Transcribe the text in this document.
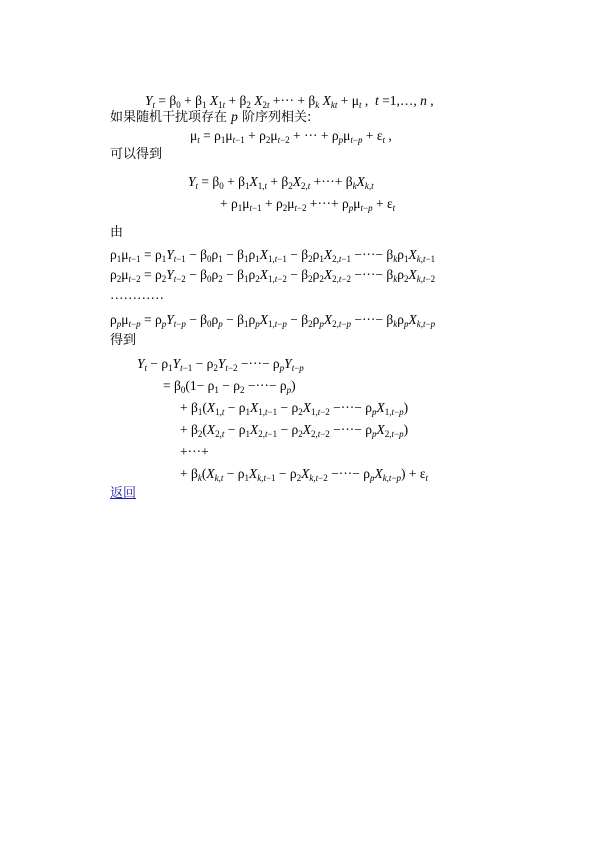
$Y_t = \beta_0 + \beta_1$ $X_{1t} + \beta_2$ $X_{2t}$ +··· + $\beta_k$ $X_{kt} + \mu_t$ ,  t =1,…, n ,
如果随机干扰项存在 p 阶序列相关:
$\mu_t = \rho_1\mu_{t-1} + \rho_2\mu_{t-2}$ + ··· + $\rho_p\mu_{t-p} + \varepsilon_t$ ,
可以得到
$Y_t = \beta_0 + \beta_1X_{1,t} + \beta_2X_{2,t}$ +···+ $\beta_kX_{k,t}$
+ $\rho_1\mu_{t-1} + \rho_2\mu_{t-2}$ +···+ $\rho_p\mu_{t-p} + \varepsilon_t$
由
$\rho_1\mu_{t-1} = \rho_1Y_{t-1} - \beta_0\rho_1 - \beta_1\rho_1X_{1,t-1} - \beta_2\rho_1X_{2,t-1}$ −···− $\beta_k\rho_1X_{k,t-1}$
$\rho_2\mu_{t-2} = \rho_2Y_{t-2} - \beta_0\rho_2 - \beta_1\rho_2X_{1,t-2} - \beta_2\rho_2X_{2,t-2}$ −···− $\beta_k\rho_2X_{k,t-2}$
…………
$\rho_p\mu_{t-p} = \rho_pY_{t-p} - \beta_0\rho_p - \beta_1\rho_pX_{1,t-p} - \beta_2\rho_pX_{2,t-p}$ −···− $\beta_k\rho_pX_{k,t-p}$
得到
$Y_t - \rho_1Y_{t-1} - \rho_2Y_{t-2}$ −···− $\rho_pY_{t-p}$
= $\beta_0(1- \rho_1 - \rho_2$ −···− $\rho_p$)
+ $\beta_1(X_{1,t} - \rho_1X_{1,t-1} - \rho_2X_{1,t-2}$ −···− $\rho_pX_{1,t-p}$)
+ $\beta_2(X_{2,t} - \rho_1X_{2,t-1} - \rho_2X_{2,t-2}$ −···− $\rho_pX_{2,t-p}$)
+···+
+ $\beta_k(X_{k,t} - \rho_1X_{k,t-1} - \rho_2X_{k,t-2}$ −···− $\rho_pX_{k,t-p}) + \varepsilon_t$
返回
